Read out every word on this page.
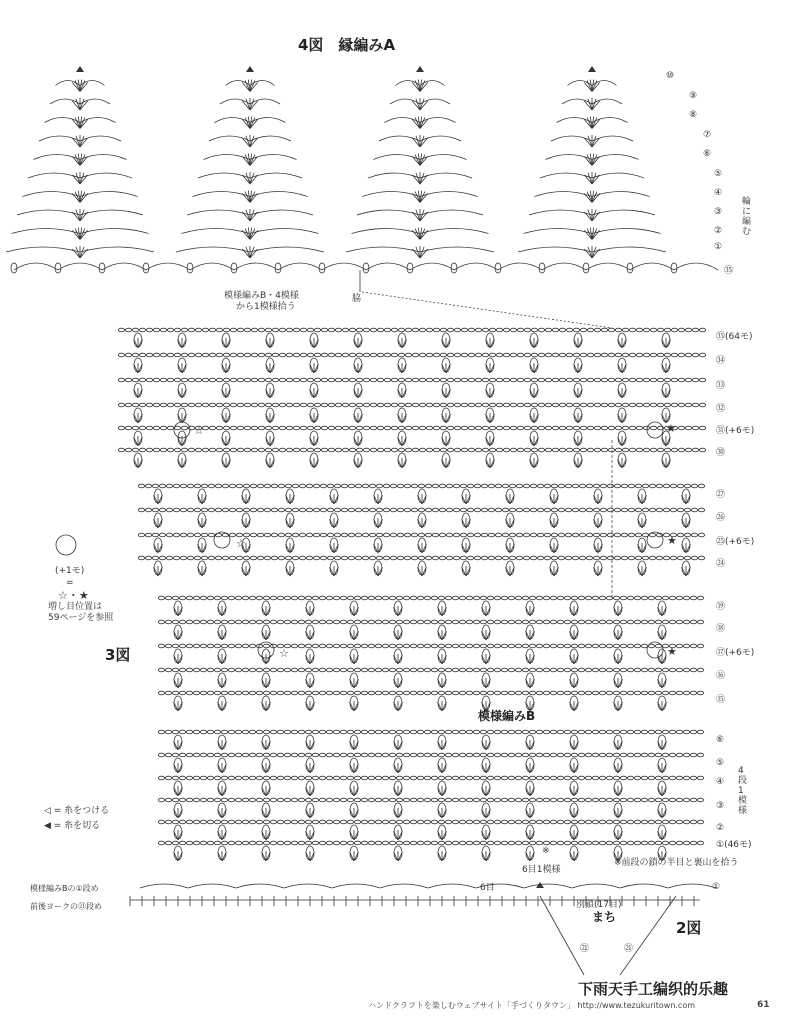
4図　縁編みA
⑩
⑨
⑧
⑦
⑥
⑤
④
③
②
①
㉟
輪に編む
模様編みB・4模様
から1模様拾う
脇
㉟(64モ)
㉞
㉝
㉜
㉛(+6モ)
㉚
㉗
㉖
㉕(+6モ)
㉔
⑲
⑱
⑰(+6モ)
⑯
⑮
⑥
⑤
④
③
②
①(46モ)
4段1模様
3図
模様編みB
※
6目1模様
※前段の鎖の半目と裏山を拾う
(+1モ)
=
☆・★
増し目位置は
59ページを参照
☆	★
☆	★
☆	★
◁ = 糸をつける
◀ = 糸を切る
模様編みBの①段め
前後ヨークの㉑段め
6目
別鎖(17目)
まち
2図
①
㉑	㉑
下雨天手工编织的乐趣
ハンドクラフトを楽しむウェブサイト「手づくりタウン」 http://www.tezukuritown.com	61
